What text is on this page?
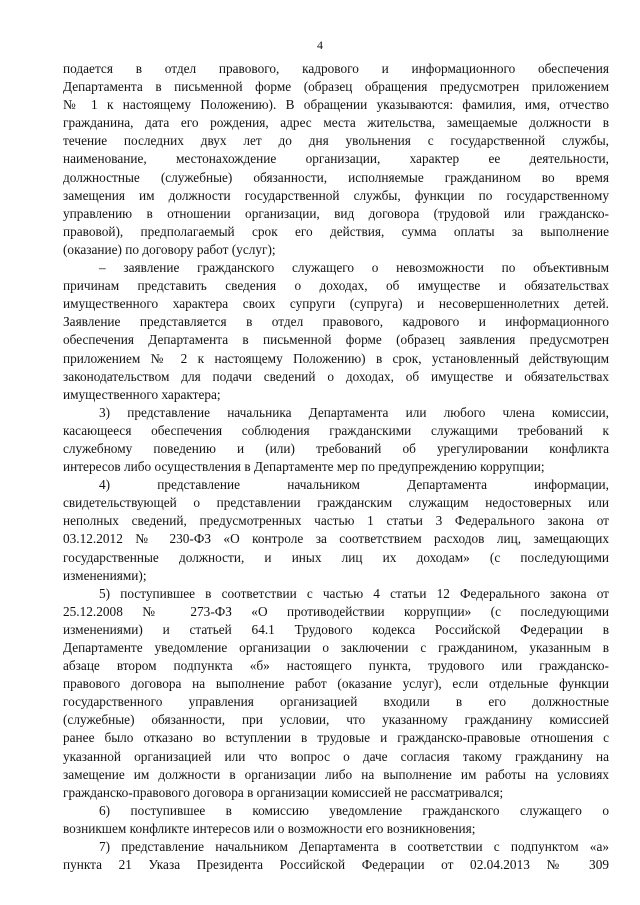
4
подается в отдел правового, кадрового и информационного обеспечения
Департамента в письменной форме (образец обращения предусмотрен приложением
№ 1 к настоящему Положению). В обращении указываются: фамилия, имя, отчество
гражданина, дата его рождения, адрес места жительства, замещаемые должности в
течение последних двух лет до дня увольнения с государственной службы,
наименование, местонахождение организации, характер ее деятельности,
должностные (служебные) обязанности, исполняемые гражданином во время
замещения им должности государственной службы, функции по государственному
управлению в отношении организации, вид договора (трудовой или гражданско-
правовой), предполагаемый срок его действия, сумма оплаты за выполнение
(оказание) по договору работ (услуг);
– заявление гражданского служащего о невозможности по объективным
причинам представить сведения о доходах, об имуществе и обязательствах
имущественного характера своих супруги (супруга) и несовершеннолетних детей.
Заявление представляется в отдел правового, кадрового и информационного
обеспечения Департамента в письменной форме (образец заявления предусмотрен
приложением № 2 к настоящему Положению) в срок, установленный действующим
законодательством для подачи сведений о доходах, об имуществе и обязательствах
имущественного характера;
3) представление начальника Департамента или любого члена комиссии,
касающееся обеспечения соблюдения гражданскими служащими требований к
служебному поведению и (или) требований об урегулировании конфликта
интересов либо осуществления в Департаменте мер по предупреждению коррупции;
4) представление начальником Департамента информации,
свидетельствующей о представлении гражданским служащим недостоверных или
неполных сведений, предусмотренных частью 1 статьи 3 Федерального закона от
03.12.2012 № 230-ФЗ «О контроле за соответствием расходов лиц, замещающих
государственные должности, и иных лиц их доходам» (с последующими
изменениями);
5) поступившее в соответствии с частью 4 статьи 12 Федерального закона от
25.12.2008 № 273-ФЗ «О противодействии коррупции» (с последующими
изменениями) и статьей 64.1 Трудового кодекса Российской Федерации в
Департаменте уведомление организации о заключении с гражданином, указанным в
абзаце втором подпункта «б» настоящего пункта, трудового или гражданско-
правового договора на выполнение работ (оказание услуг), если отдельные функции
государственного управления организацией входили в его должностные
(служебные) обязанности, при условии, что указанному гражданину комиссией
ранее было отказано во вступлении в трудовые и гражданско-правовые отношения с
указанной организацией или что вопрос о даче согласия такому гражданину на
замещение им должности в организации либо на выполнение им работы на условиях
гражданско-правового договора в организации комиссией не рассматривался;
6) поступившее в комиссию уведомление гражданского служащего о
возникшем конфликте интересов или о возможности его возникновения;
7) представление начальником Департамента в соответствии с подпунктом «а»
пункта 21 Указа Президента Российской Федерации от 02.04.2013 № 309
